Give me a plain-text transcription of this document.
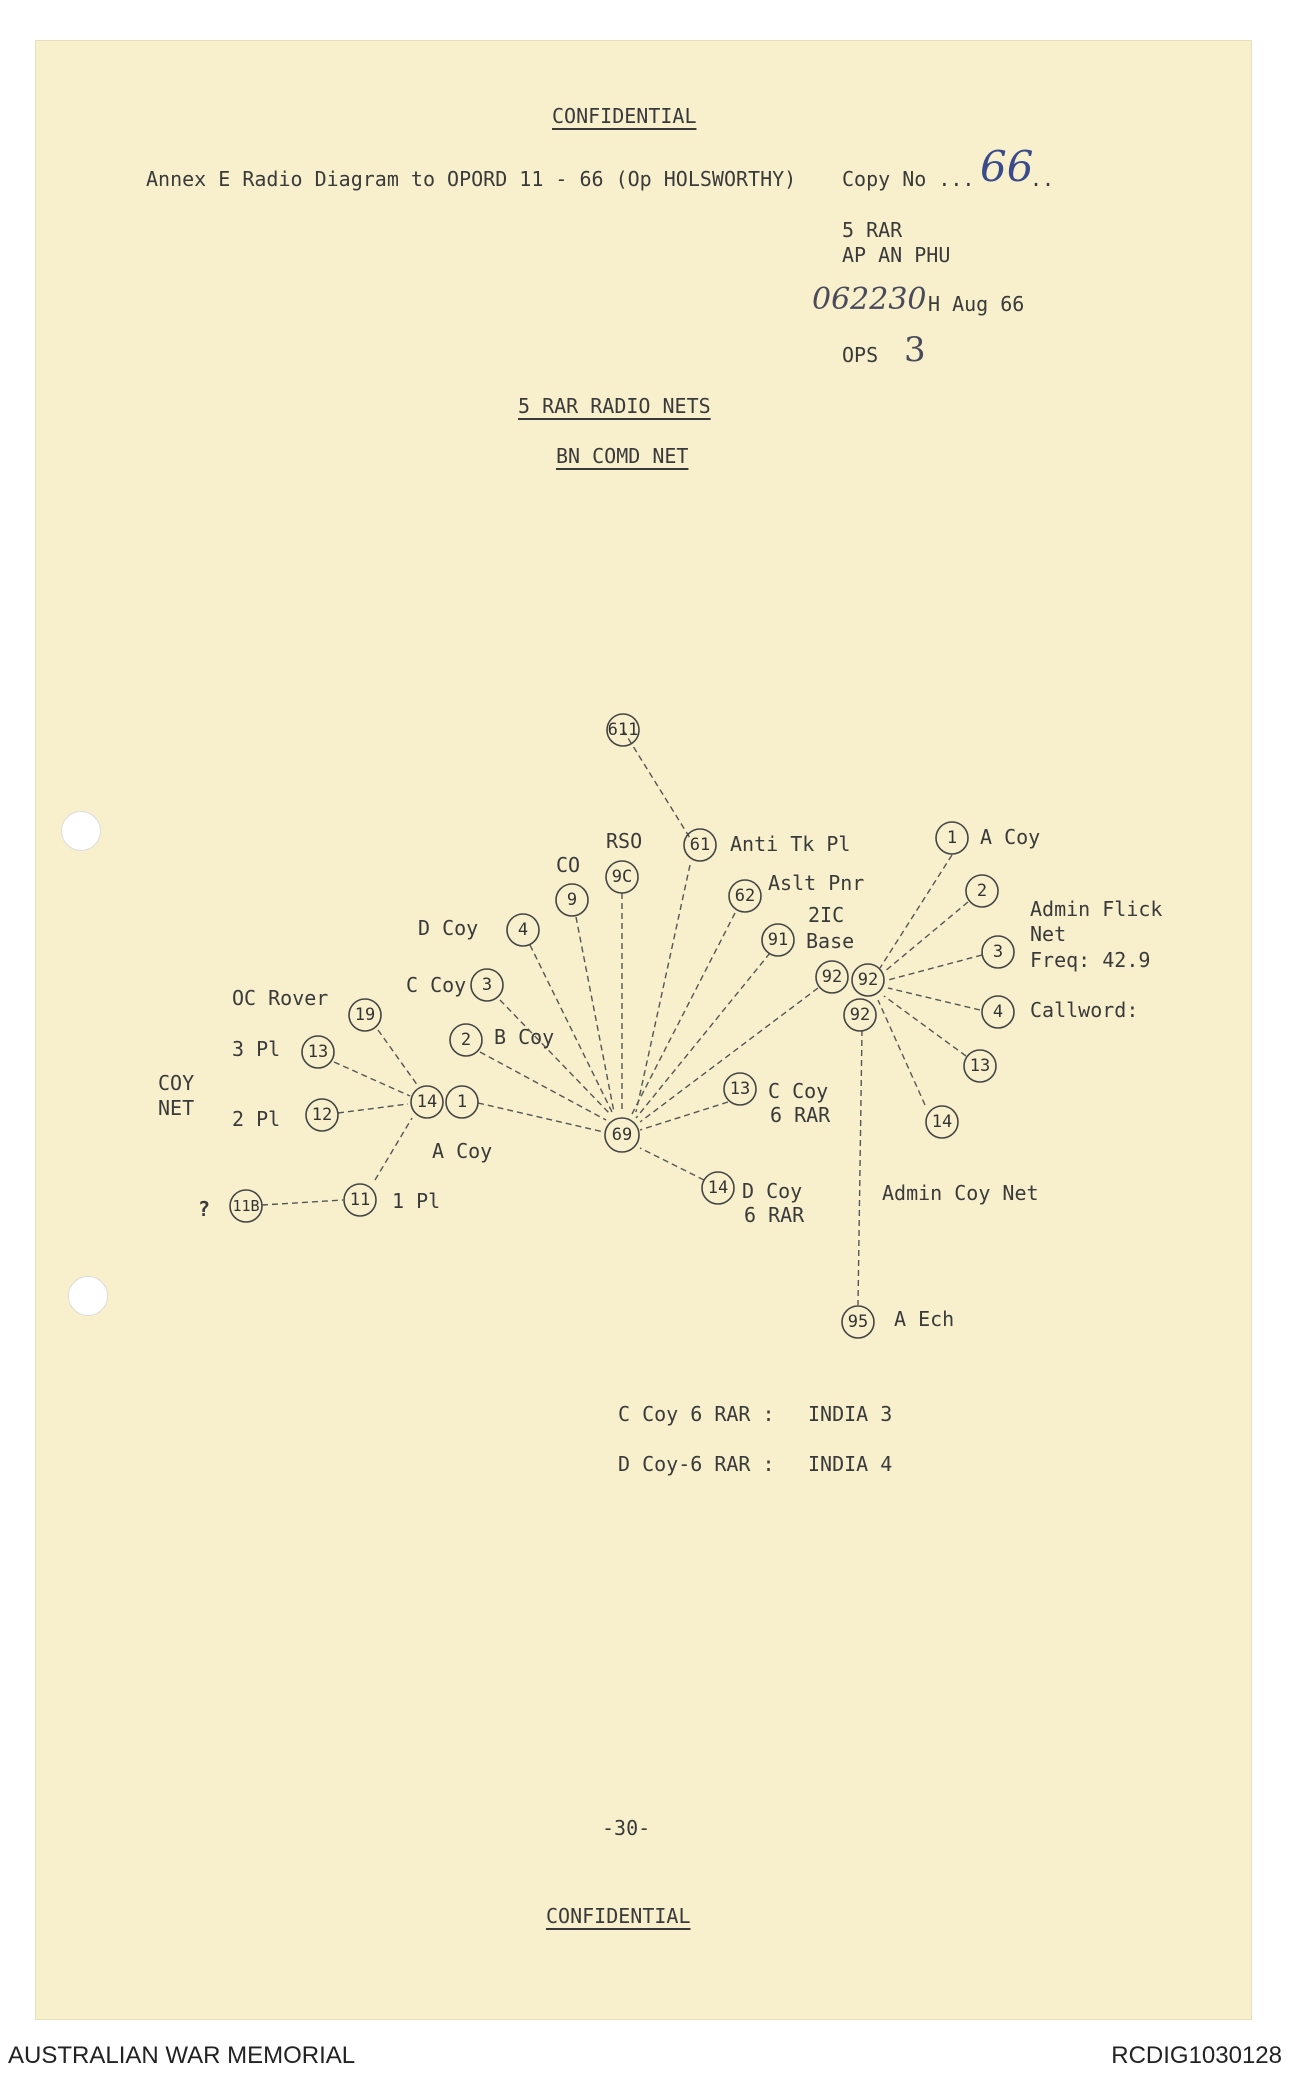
CONFIDENTIAL
Annex E Radio Diagram to OPORD 11 - 66 (Op HOLSWORTHY) Copy No ... 66
..
5 RAR
AP AN PHU
062230 H Aug 66
OPS 3
5 RAR RADIO NETS
BN COMD NET
611
61
9C
9	62
91
4
3
2
19
13
12
14 1
11
11B
69
13
14
92 92
92
1
2
3
4
13
14
95
Anti Tk Pl
Aslt Pnr
RSO
CO
2IC
Base
D Coy
C Coy
B Coy
OC Rover
3 Pl
2 Pl
1 Pl
A Coy
COY
NET
?
C Coy
6 RAR
D Coy
6 RAR
A Coy
Admin Flick
Net
Freq: 42.9
Callword:
Admin Coy Net
A Ech
C Coy 6 RAR : INDIA 3
D Coy-6 RAR : INDIA 4
-30-
CONFIDENTIAL
AUSTRALIAN WAR MEMORIAL	RCDIG1030128
